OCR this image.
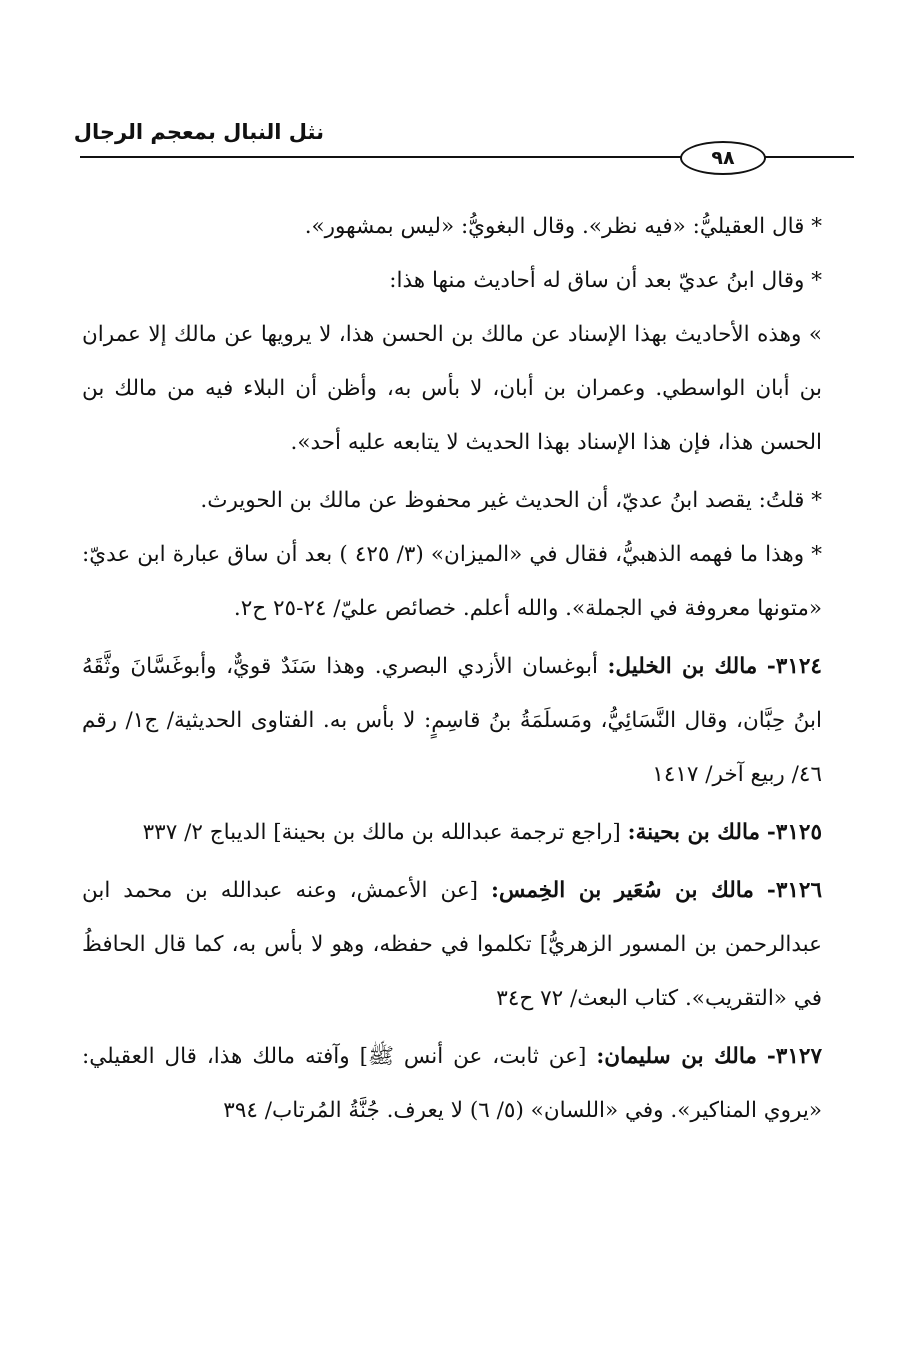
نثل النبال بمعجم الرجال
٩٨

* قال العقيليُّ: «فيه نظر». وقال البغويُّ: «ليس بمشهور».

* وقال ابنُ عديّ بعد أن ساق له أحاديث منها هذا:

» وهذه الأحاديث بهذا الإسناد عن مالك بن الحسن هذا، لا يرويها عن مالك إلا عمران بن أبان الواسطي. وعمران بن أبان، لا بأس به، وأظن أن البلاء فيه من مالك بن الحسن هذا، فإن هذا الإسناد بهذا الحديث لا يتابعه عليه أحد».

* قلتُ: يقصد ابنُ عديّ، أن الحديث غير محفوظ عن مالك بن الحويرث.

* وهذا ما فهمه الذهبيُّ، فقال في «الميزان» (٣/ ٤٢٥ ) بعد أن ساق عبارة ابن عديّ: «متونها معروفة في الجملة». والله أعلم. خصائص عليّ/ ٢٤-٢٥ ح٢.

٣١٢٤- مالك بن الخليل: أبوغسان الأزدي البصري. وهذا سَنَدٌ قويٌّ، وأبوغَسَّانَ وثَّقَهُ ابنُ حِبَّان، وقال النَّسَائِيُّ، ومَسلَمَةُ بنُ قاسِمٍ: لا بأس به. الفتاوى الحديثية/ ج١/ رقم ٤٦/ ربيع آخر/ ١٤١٧

٣١٢٥- مالك بن بحينة: [راجع ترجمة عبدالله بن مالك بن بحينة] الديباج ٢/ ٣٣٧

٣١٢٦- مالك بن سُعَير بن الخِمس: [عن الأعمش، وعنه عبدالله بن محمد ابن عبدالرحمن بن المسور الزهريُّ] تكلموا في حفظه، وهو لا بأس به، كما قال الحافظُ في «التقريب». كتاب البعث/ ٧٢ ح٣٤

٣١٢٧- مالك بن سليمان: [عن ثابت، عن أنس ﷺ] وآفته مالك هذا، قال العقيلي: «يروي المناكير». وفي «اللسان» (٥/ ٦) لا يعرف. جُنَّةُ المُرتاب/ ٣٩٤
